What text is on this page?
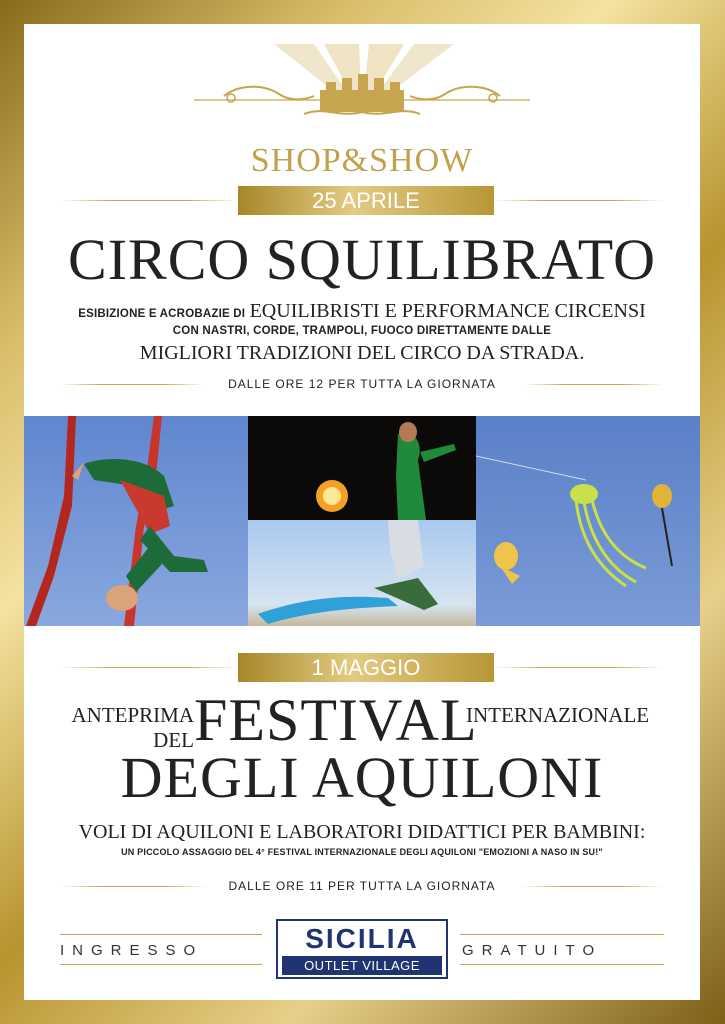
SHOP&SHOW
25 APRILE
CIRCO SQUILIBRATO
ESIBIZIONE E ACROBAZIE DI EQUILIBRISTI E PERFORMANCE CIRCENSI
CON NASTRI, CORDE, TRAMPOLI, FUOCO DIRETTAMENTE DALLE
MIGLIORI TRADIZIONI DEL CIRCO DA STRADA.
DALLE ORE 12 PER TUTTA LA GIORNATA
1 MAGGIO
ANTEPRIMA
DEL FESTIVAL
INTERNAZIONALE
DEGLI AQUILONI
VOLI DI AQUILONI E LABORATORI DIDATTICI PER BAMBINI:
UN PICCOLO ASSAGGIO DEL 4° FESTIVAL INTERNAZIONALE DEGLI AQUILONI "EMOZIONI A NASO IN SU!"
DALLE ORE 11 PER TUTTA LA GIORNATA
INGRESSO	SICILIA
OUTLET VILLAGE
GRATUITO
